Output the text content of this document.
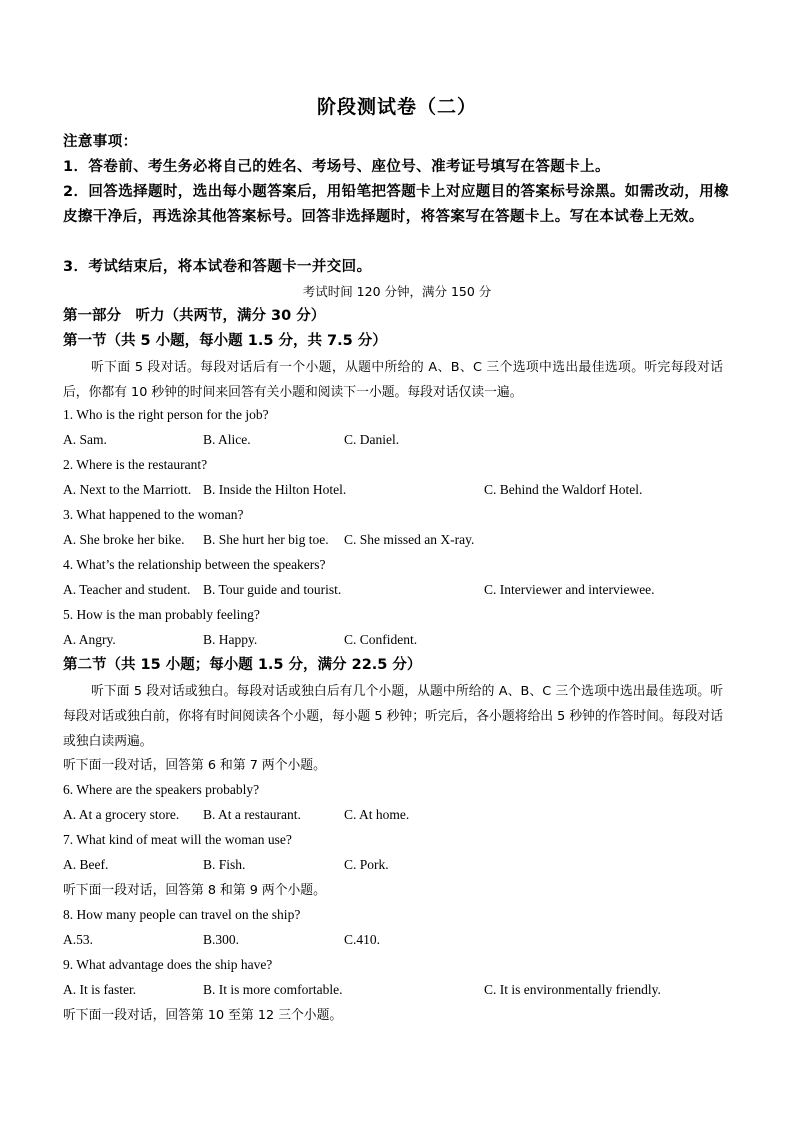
阶段测试卷（二）
注意事项：
1．答卷前、考生务必将自己的姓名、考场号、座位号、准考证号填写在答题卡上。
2．回答选择题时，选出每小题答案后，用铅笔把答题卡上对应题目的答案标号涂黑。如需改动，用橡皮擦干净后，再选涂其他答案标号。回答非选择题时，将答案写在答题卡上。写在本试卷上无效。
3．考试结束后，将本试卷和答题卡一并交回。
考试时间 120 分钟，满分 150 分
第一部分　听力（共两节，满分 30 分）
第一节（共 5 小题，每小题 1.5 分，共 7.5 分）
听下面 5 段对话。每段对话后有一个小题，从题中所给的 A、B、C 三个选项中选出最佳选项。听完每段对话后，你都有 10 秒钟的时间来回答有关小题和阅读下一小题。每段对话仅读一遍。
1. Who is the right person for the job?
A. Sam.	B. Alice.	C. Daniel.
2. Where is the restaurant?
A. Next to the Marriott. B. Inside the Hilton Hotel.	C. Behind the Waldorf Hotel.
3. What happened to the woman?
A. She broke her bike. B. She hurt her big toe. C. She missed an X-ray.
4. What’s the relationship between the speakers?
A. Teacher and student. B. Tour guide and tourist.	C. Interviewer and interviewee.
5. How is the man probably feeling?
A. Angry.	B. Happy.	C. Confident.
第二节（共 15 小题；每小题 1.5 分，满分 22.5 分）
听下面 5 段对话或独白。每段对话或独白后有几个小题，从题中所给的 A、B、C 三个选项中选出最佳选项。听每段对话或独白前，你将有时间阅读各个小题，每小题 5 秒钟；听完后，各小题将给出 5 秒钟的作答时间。每段对话或独白读两遍。
听下面一段对话，回答第 6 和第 7 两个小题。
6. Where are the speakers probably?
A. At a grocery store. B. At a restaurant.	C. At home.
7. What kind of meat will the woman use?
A. Beef.	B. Fish.	C. Pork.
听下面一段对话，回答第 8 和第 9 两个小题。
8. How many people can travel on the ship?
A.53.	B.300.	C.410.
9. What advantage does the ship have?
A. It is faster.	B. It is more comfortable.	C. It is environmentally friendly.
听下面一段对话，回答第 10 至第 12 三个小题。
